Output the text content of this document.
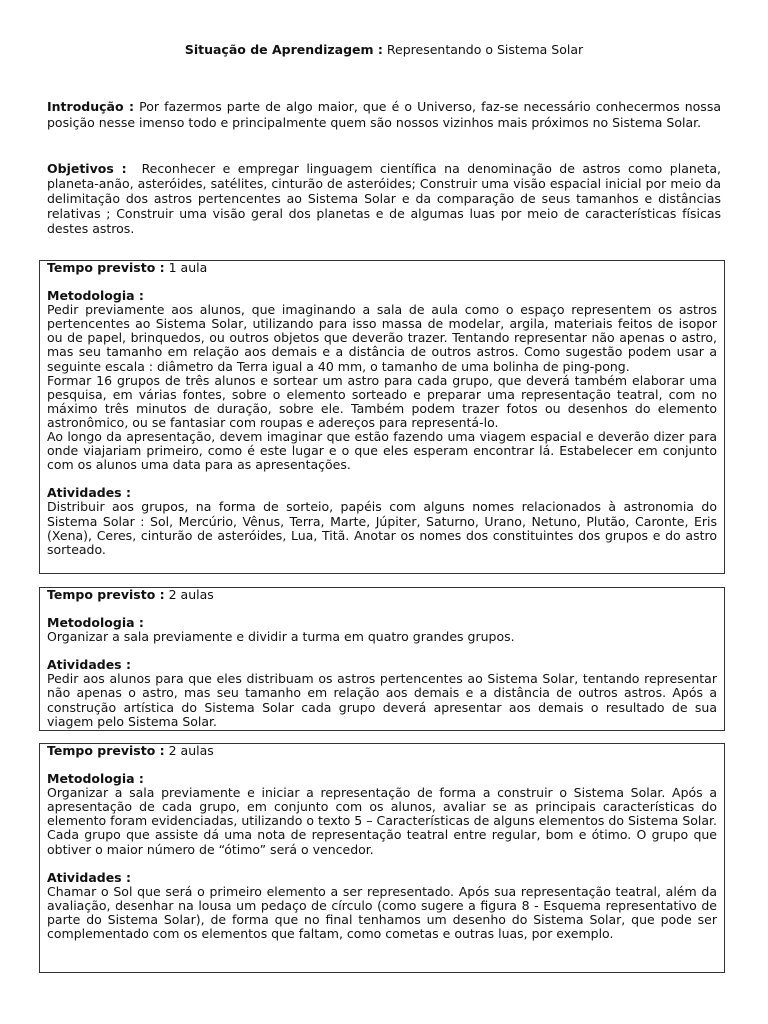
Situação de Aprendizagem : Representando o Sistema Solar
Introdução : Por fazermos parte de algo maior, que é o Universo, faz-se necessário conhecermos nossa posição nesse imenso todo e principalmente quem são nossos vizinhos mais próximos no Sistema Solar.
Objetivos : Reconhecer e empregar linguagem científica na denominação de astros como planeta, planeta-anão, asteróides, satélites, cinturão de asteróides; Construir uma visão espacial inicial por meio da delimitação dos astros pertencentes ao Sistema Solar e da comparação de seus tamanhos e distâncias relativas ; Construir uma visão geral dos planetas e de algumas luas por meio de características físicas destes astros.

Tempo previsto : 1 aula

Metodologia :

Pedir previamente aos alunos, que imaginando a sala de aula como o espaço representem os astros pertencentes ao Sistema Solar, utilizando para isso massa de modelar, argila, materiais feitos de isopor ou de papel, brinquedos, ou outros objetos que deverão trazer. Tentando representar não apenas o astro, mas seu tamanho em relação aos demais e a distância de outros astros. Como sugestão podem usar a seguinte escala : diâmetro da Terra igual a 40 mm, o tamanho de uma bolinha de ping-pong.

Formar 16 grupos de três alunos e sortear um astro para cada grupo, que deverá também elaborar uma pesquisa, em várias fontes, sobre o elemento sorteado e preparar uma representação teatral, com no máximo três minutos de duração, sobre ele. Também podem trazer fotos ou desenhos do elemento astronômico, ou se fantasiar com roupas e adereços para representá-lo.

Ao longo da apresentação, devem imaginar que estão fazendo uma viagem espacial e deverão dizer para onde viajariam primeiro, como é este lugar e o que eles esperam encontrar lá. Estabelecer em conjunto com os alunos uma data para as apresentações.

Atividades :

Distribuir aos grupos, na forma de sorteio, papéis com alguns nomes relacionados à astronomia do Sistema Solar : Sol, Mercúrio, Vênus, Terra, Marte, Júpiter, Saturno, Urano, Netuno, Plutão, Caronte, Eris (Xena), Ceres, cinturão de asteróides, Lua, Titã. Anotar os nomes dos constituintes dos grupos e do astro sorteado.

Tempo previsto : 2 aulas

Metodologia :

Organizar a sala previamente e dividir a turma em quatro grandes grupos.

Atividades :

Pedir aos alunos para que eles distribuam os astros pertencentes ao Sistema Solar, tentando representar não apenas o astro, mas seu tamanho em relação aos demais e a distância de outros astros. Após a construção artística do Sistema Solar cada grupo deverá apresentar aos demais o resultado de sua viagem pelo Sistema Solar.

Tempo previsto : 2 aulas

Metodologia :

Organizar a sala previamente e iniciar a representação de forma a construir o Sistema Solar. Após a apresentação de cada grupo, em conjunto com os alunos, avaliar se as principais características do elemento foram evidenciadas, utilizando o texto 5 – Características de alguns elementos do Sistema Solar. Cada grupo que assiste dá uma nota de representação teatral entre regular, bom e ótimo. O grupo que obtiver o maior número de “ótimo” será o vencedor.

Atividades :

Chamar o Sol que será o primeiro elemento a ser representado. Após sua representação teatral, além da avaliação, desenhar na lousa um pedaço de círculo (como sugere a figura 8 - Esquema representativo de parte do Sistema Solar), de forma que no final tenhamos um desenho do Sistema Solar, que pode ser complementado com os elementos que faltam, como cometas e outras luas, por exemplo.
